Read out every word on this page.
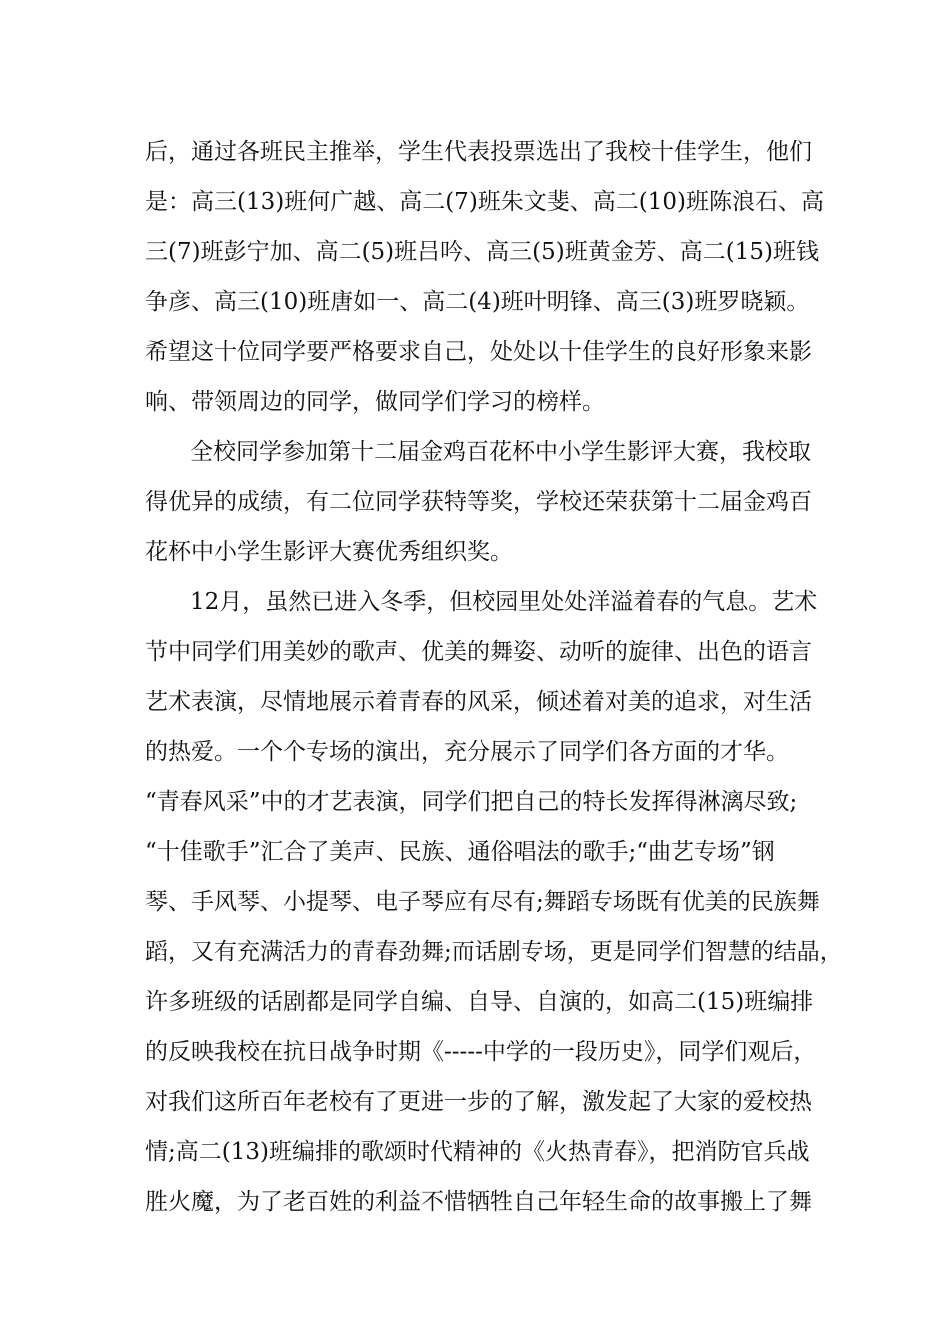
后，通过各班民主推举，学生代表投票选出了我校十佳学生，他们
是：高三(13)班何广越、高二(7)班朱文斐、高二(10)班陈浪石、高
三(7)班彭宁加、高二(5)班吕吟、高三(5)班黄金芳、高二(15)班钱
争彦、高三(10)班唐如一、高二(4)班叶明锋、高三(3)班罗晓颖。
希望这十位同学要严格要求自己，处处以十佳学生的良好形象来影
响、带领周边的同学，做同学们学习的榜样。
全校同学参加第十二届金鸡百花杯中小学生影评大赛，我校取
得优异的成绩，有二位同学获特等奖，学校还荣获第十二届金鸡百
花杯中小学生影评大赛优秀组织奖。
12月，虽然已进入冬季，但校园里处处洋溢着春的气息。艺术
节中同学们用美妙的歌声、优美的舞姿、动听的旋律、出色的语言
艺术表演，尽情地展示着青春的风采，倾述着对美的追求，对生活
的热爱。一个个专场的演出，充分展示了同学们各方面的才华。
“青春风采”中的才艺表演，同学们把自己的特长发挥得淋漓尽致;
“十佳歌手”汇合了美声、民族、通俗唱法的歌手;“曲艺专场”钢
琴、手风琴、小提琴、电子琴应有尽有;舞蹈专场既有优美的民族舞
蹈，又有充满活力的青春劲舞;而话剧专场，更是同学们智慧的结晶，
许多班级的话剧都是同学自编、自导、自演的，如高二(15)班编排
的反映我校在抗日战争时期《-----中学的一段历史》，同学们观后，
对我们这所百年老校有了更进一步的了解，激发起了大家的爱校热
情;高二(13)班编排的歌颂时代精神的《火热青春》，把消防官兵战
胜火魔，为了老百姓的利益不惜牺牲自己年轻生命的故事搬上了舞
